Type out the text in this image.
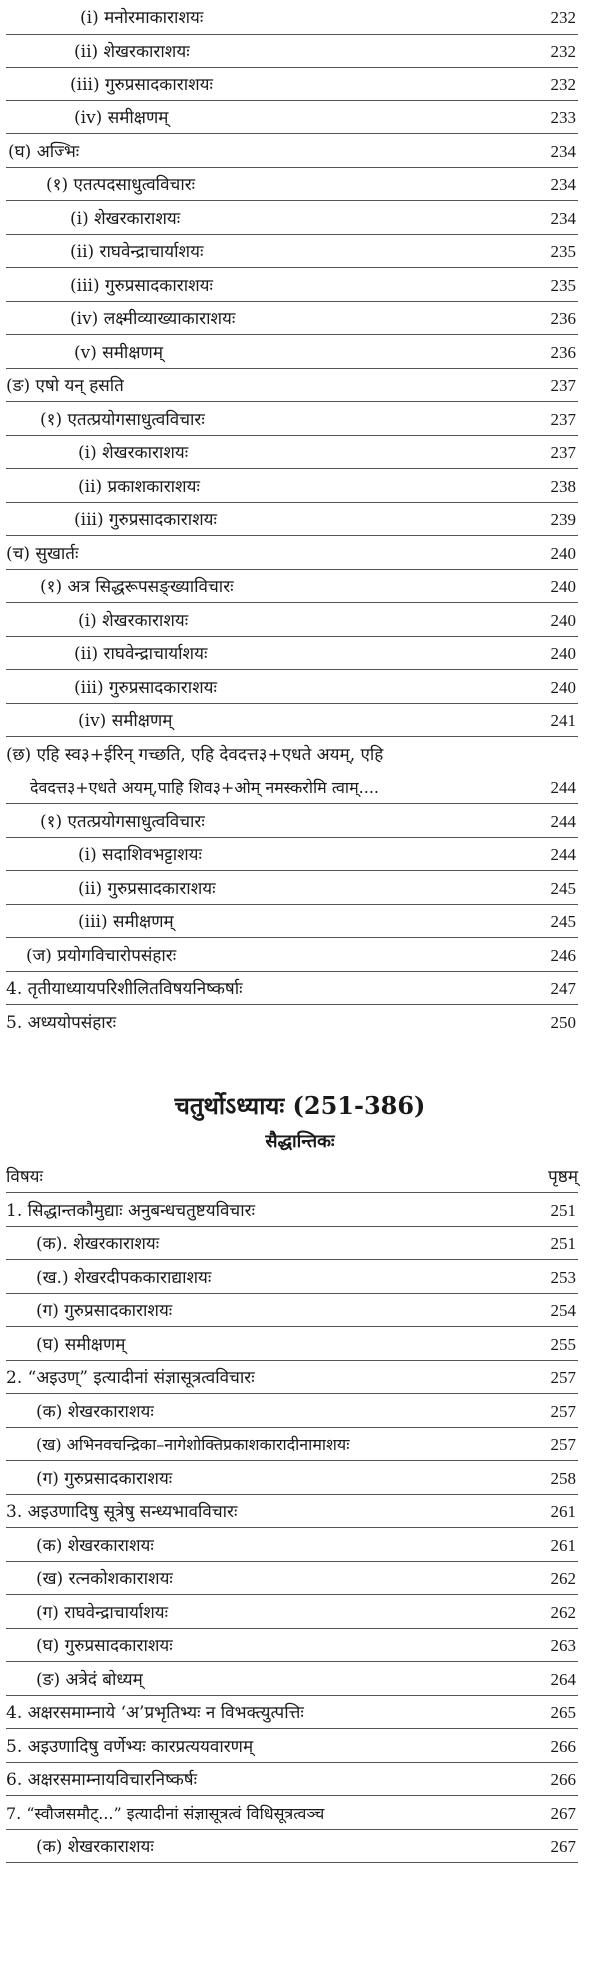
(i) मनोरमाकाराशयः	232
(ii) शेखरकाराशयः	232
(iii) गुरुप्रसादकाराशयः	232
(iv) समीक्षणम्	233
(घ) अज्भिः	234
(१) एतत्पदसाधुत्वविचारः	234
(i) शेखरकाराशयः	234
(ii) राघवेन्द्राचार्याशयः	235
(iii) गुरुप्रसादकाराशयः	235
(iv) लक्ष्मीव्याख्याकाराशयः	236
(v) समीक्षणम्	236
(ङ) एषो यन् हसति	237
(१) एतत्प्रयोगसाधुत्वविचारः	237
(i) शेखरकाराशयः	237
(ii) प्रकाशकाराशयः	238
(iii) गुरुप्रसादकाराशयः	239
(च) सुखार्तः	240
(१) अत्र सिद्धरूपसङ्ख्याविचारः	240
(i) शेखरकाराशयः	240
(ii) राघवेन्द्राचार्याशयः	240
(iii) गुरुप्रसादकाराशयः	240
(iv) समीक्षणम्	241
(छ) एहि स्व३+ईरिन् गच्छति, एहि देवदत्त३+एधते अयम्, एहि
देवदत्त३+एधते अयम्,पाहि शिव३+ओम् नमस्करोमि त्वाम्....	244
(१) एतत्प्रयोगसाधुत्वविचारः	244
(i) सदाशिवभट्टाशयः	244
(ii) गुरुप्रसादकाराशयः	245
(iii) समीक्षणम्	245
(ज) प्रयोगविचारोपसंहारः	246
4. तृतीयाध्यायपरिशीलितविषयनिष्कर्षाः	247
5. अध्ययोपसंहारः	250
चतुर्थोऽध्यायः (251-386)
सैद्धान्तिकः
विषयः	पृष्ठम्
1. सिद्धान्तकौमुद्याः अनुबन्धचतुष्टयविचारः	251
(क). शेखरकाराशयः	251
(ख.) शेखरदीपककाराद्याशयः	253
(ग) गुरुप्रसादकाराशयः	254
(घ) समीक्षणम्	255
2. “अइउण्” इत्यादीनां संज्ञासूत्रत्वविचारः	257
(क) शेखरकाराशयः	257
(ख) अभिनवचन्द्रिका–नागेशोक्तिप्रकाशकारादीनामाशयः	257
(ग) गुरुप्रसादकाराशयः	258
3. अइउणादिषु सूत्रेषु सन्ध्यभावविचारः	261
(क) शेखरकाराशयः	261
(ख) रत्नकोशकाराशयः	262
(ग) राघवेन्द्राचार्याशयः	262
(घ) गुरुप्रसादकाराशयः	263
(ङ) अत्रेदं बोध्यम्	264
4. अक्षरसमाम्नाये ‘अ’प्रभृतिभ्यः न विभक्त्युत्पत्तिः	265
5. अइउणादिषु वर्णेभ्यः कारप्रत्ययवारणम्	266
6. अक्षरसमाम्नायविचारनिष्कर्षः	266
7. “स्वौजसमौट्...” इत्यादीनां संज्ञासूत्रत्वं विधिसूत्रत्वञ्च	267
(क) शेखरकाराशयः	267
